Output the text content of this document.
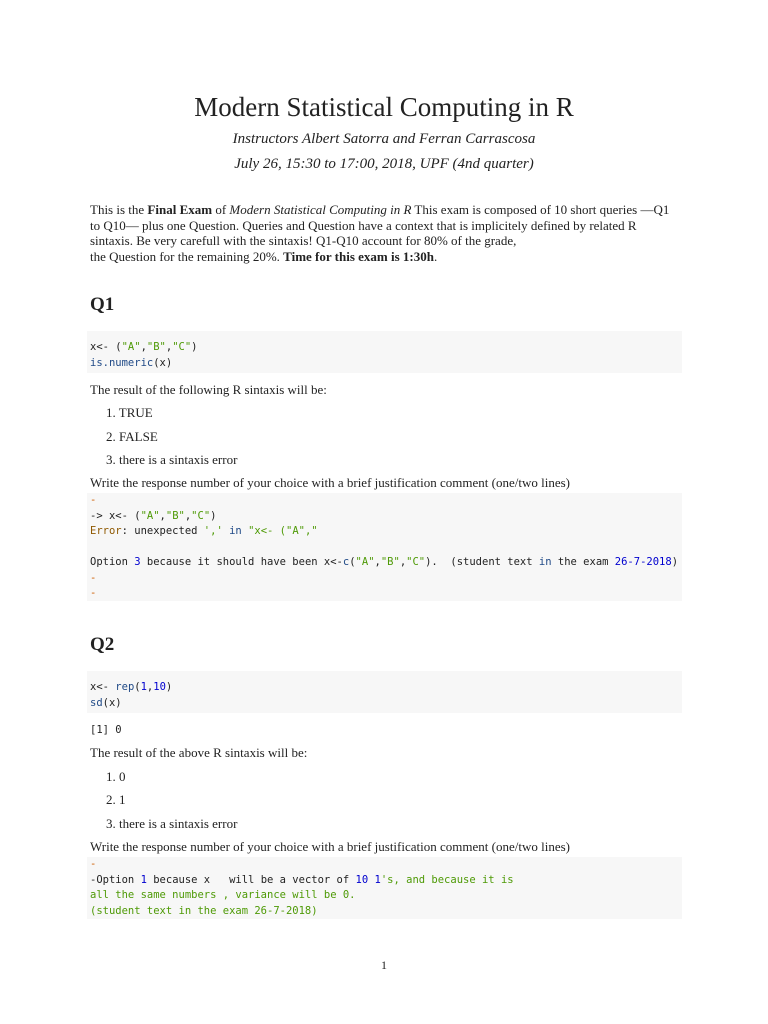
Modern Statistical Computing in R
Instructors Albert Satorra and Ferran Carrascosa
July 26, 15:30 to 17:00, 2018, UPF (4nd quarter)
This is the Final Exam of Modern Statistical Computing in R This exam is composed of 10 short queries —Q1 to Q10— plus one Question. Queries and Question have a context that is implicitely defined by related R sintaxis. Be very carefull with the sintaxis! Q1-Q10 account for 80% of the grade,
the Question for the remaining 20%. Time for this exam is 1:30h.
Q1
x<- ("A","B","C")
is.numeric(x)
The result of the following R sintaxis will be:
1. TRUE
2. FALSE
3. there is a sintaxis error
Write the response number of your choice with a brief justification comment (one/two lines)
-
-> x<- ("A","B","C")
Error: unexpected ',' in "x<- ("A","

Option 3 because it should have been x<-c("A","B","C").  (student text in the exam 26-7-2018)
-
-
Q2
x<- rep(1,10)
sd(x)
[1] 0
The result of the above R sintaxis will be:
1. 0
2. 1
3. there is a sintaxis error
Write the response number of your choice with a brief justification comment (one/two lines)
-
-Option 1 because x   will be a vector of 10 1's, and because it is
all the same numbers , variance will be 0.
(student text in the exam 26-7-2018)
1
